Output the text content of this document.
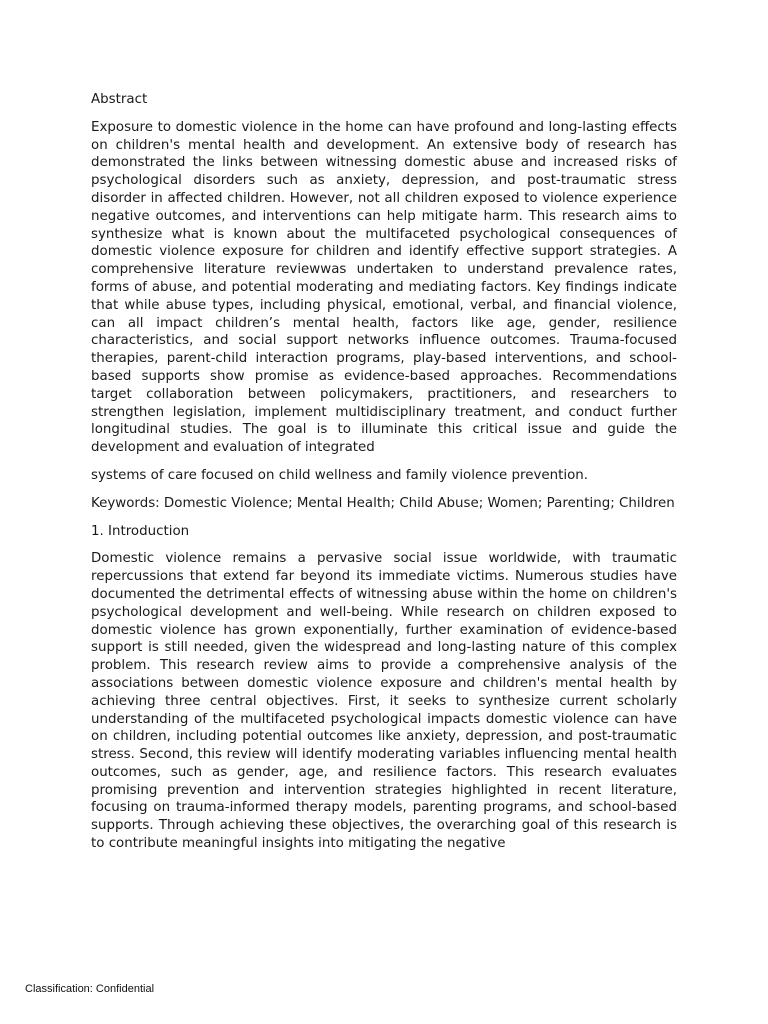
Abstract
Exposure to domestic violence in the home can have profound and long-lasting effects on children's mental health and development. An extensive body of research has demonstrated the links between witnessing domestic abuse and increased risks of psychological disorders such as anxiety, depression, and post-traumatic stress disorder in affected children. However, not all children exposed to violence experience negative outcomes, and interventions can help mitigate harm. This research aims to synthesize what is known about the multifaceted psychological consequences of domestic violence exposure for children and identify effective support strategies. A comprehensive literature reviewwas undertaken to understand prevalence rates, forms of abuse, and potential moderating and mediating factors. Key findings indicate that while abuse types, including physical, emotional, verbal, and financial violence, can all impact children’s mental health, factors like age, gender, resilience characteristics, and social support networks influence outcomes. Trauma-focused therapies, parent-child interaction programs, play-based interventions, and school-based supports show promise as evidence-based approaches. Recommendations target collaboration between policymakers, practitioners, and researchers to strengthen legislation, implement multidisciplinary treatment, and conduct further longitudinal studies. The goal is to illuminate this critical issue and guide the development and evaluation of integrated
systems of care focused on child wellness and family violence prevention.
Keywords: Domestic Violence; Mental Health; Child Abuse; Women; Parenting; Children
1. Introduction
Domestic violence remains a pervasive social issue worldwide, with traumatic repercussions that extend far beyond its immediate victims. Numerous studies have documented the detrimental effects of witnessing abuse within the home on children's psychological development and well-being. While research on children exposed to domestic violence has grown exponentially, further examination of evidence-based support is still needed, given the widespread and long-lasting nature of this complex problem. This research review aims to provide a comprehensive analysis of the associations between domestic violence exposure and children's mental health by achieving three central objectives. First, it seeks to synthesize current scholarly understanding of the multifaceted psychological impacts domestic violence can have on children, including potential outcomes like anxiety, depression, and post-traumatic stress. Second, this review will identify moderating variables influencing mental health outcomes, such as gender, age, and resilience factors. This research evaluates promising prevention and intervention strategies highlighted in recent literature, focusing on trauma-informed therapy models, parenting programs, and school-based supports. Through achieving these objectives, the overarching goal of this research is to contribute meaningful insights into mitigating the negative
Classification: Confidential
